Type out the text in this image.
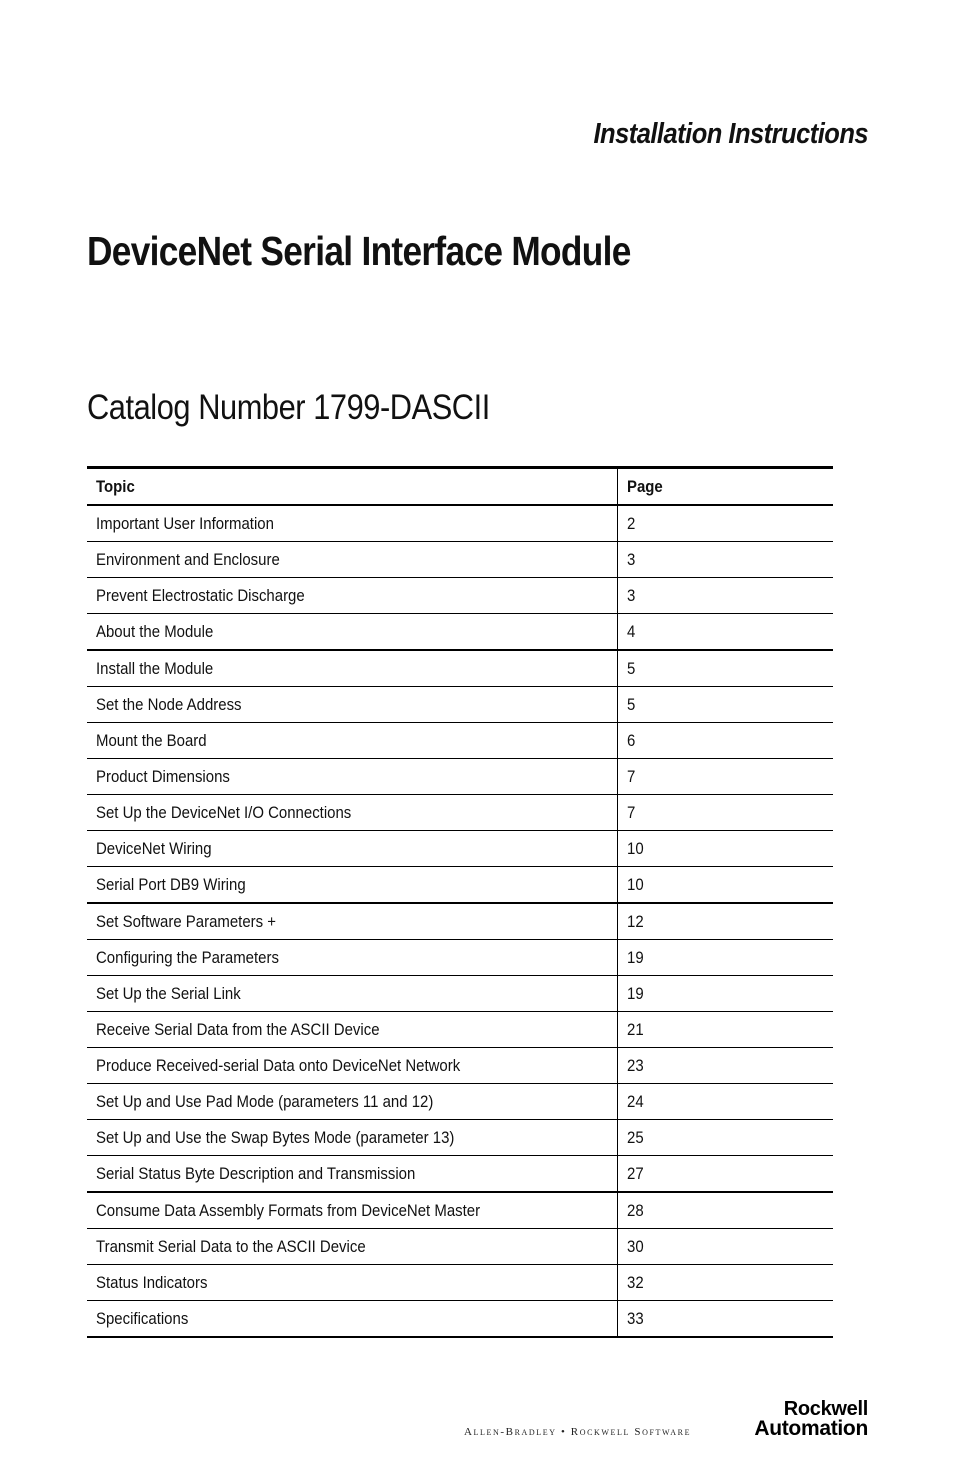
Installation Instructions
DeviceNet Serial Interface Module
Catalog Number 1799-DASCII
Topic	Page
Important User Information	2
Environment and Enclosure	3
Prevent Electrostatic Discharge	3
About the Module	4
Install the Module	5
Set the Node Address	5
Mount the Board	6
Product Dimensions	7
Set Up the DeviceNet I/O Connections	7
DeviceNet Wiring	10
Serial Port DB9 Wiring	10
Set Software Parameters +	12
Configuring the Parameters	19
Set Up the Serial Link	19
Receive Serial Data from the ASCII Device	21
Produce Received-serial Data onto DeviceNet Network	23
Set Up and Use Pad Mode (parameters 11 and 12)	24
Set Up and Use the Swap Bytes Mode (parameter 13)	25
Serial Status Byte Description and Transmission	27
Consume Data Assembly Formats from DeviceNet Master	28
Transmit Serial Data to the ASCII Device	30
Status Indicators	32
Specifications	33
Allen-Bradley • Rockwell Software
Rockwell
Automation
